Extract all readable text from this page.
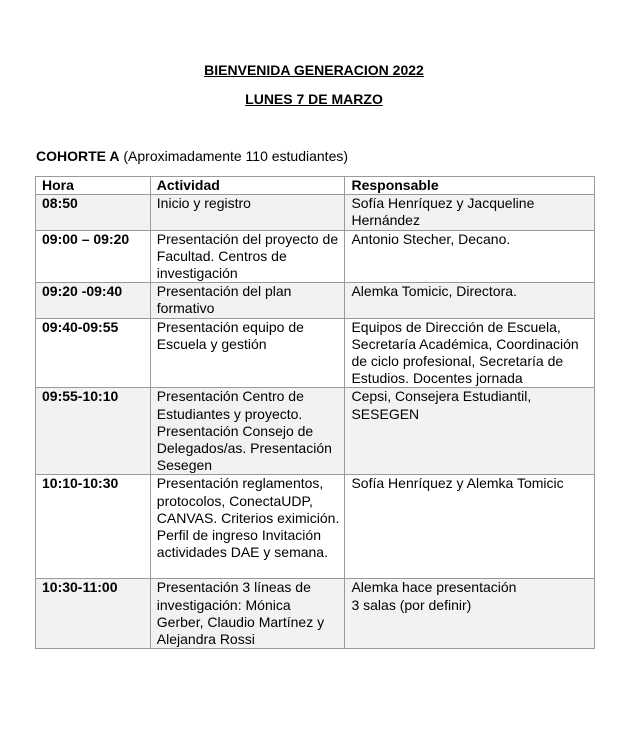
BIENVENIDA GENERACION 2022
LUNES 7 DE MARZO
COHORTE A (Aproximadamente 110 estudiantes)
Hora	Actividad	Responsable
08:50	Inicio y registro	Sofía Henríquez y Jacqueline Hernández
09:00 – 09:20	Presentación del proyecto de Facultad. Centros de investigación	Antonio Stecher, Decano.
09:20 -09:40	Presentación del plan formativo	Alemka Tomicic, Directora.
09:40-09:55	Presentación equipo de Escuela y gestión	Equipos de Dirección de Escuela, Secretaría Académica, Coordinación de ciclo profesional, Secretaría de Estudios. Docentes jornada
09:55-10:10	Presentación Centro de Estudiantes y proyecto. Presentación Consejo de Delegados/as. Presentación Sesegen	Cepsi, Consejera Estudiantil, SESEGEN
10:10-10:30	Presentación reglamentos, protocolos, ConectaUDP, CANVAS. Criterios eximición. Perfil de ingreso Invitación actividades DAE y semana.	Sofía Henríquez y Alemka Tomicic
10:30-11:00	Presentación 3 líneas de investigación: Mónica Gerber, Claudio Martínez y Alejandra Rossi	Alemka hace presentación
3 salas (por definir)
